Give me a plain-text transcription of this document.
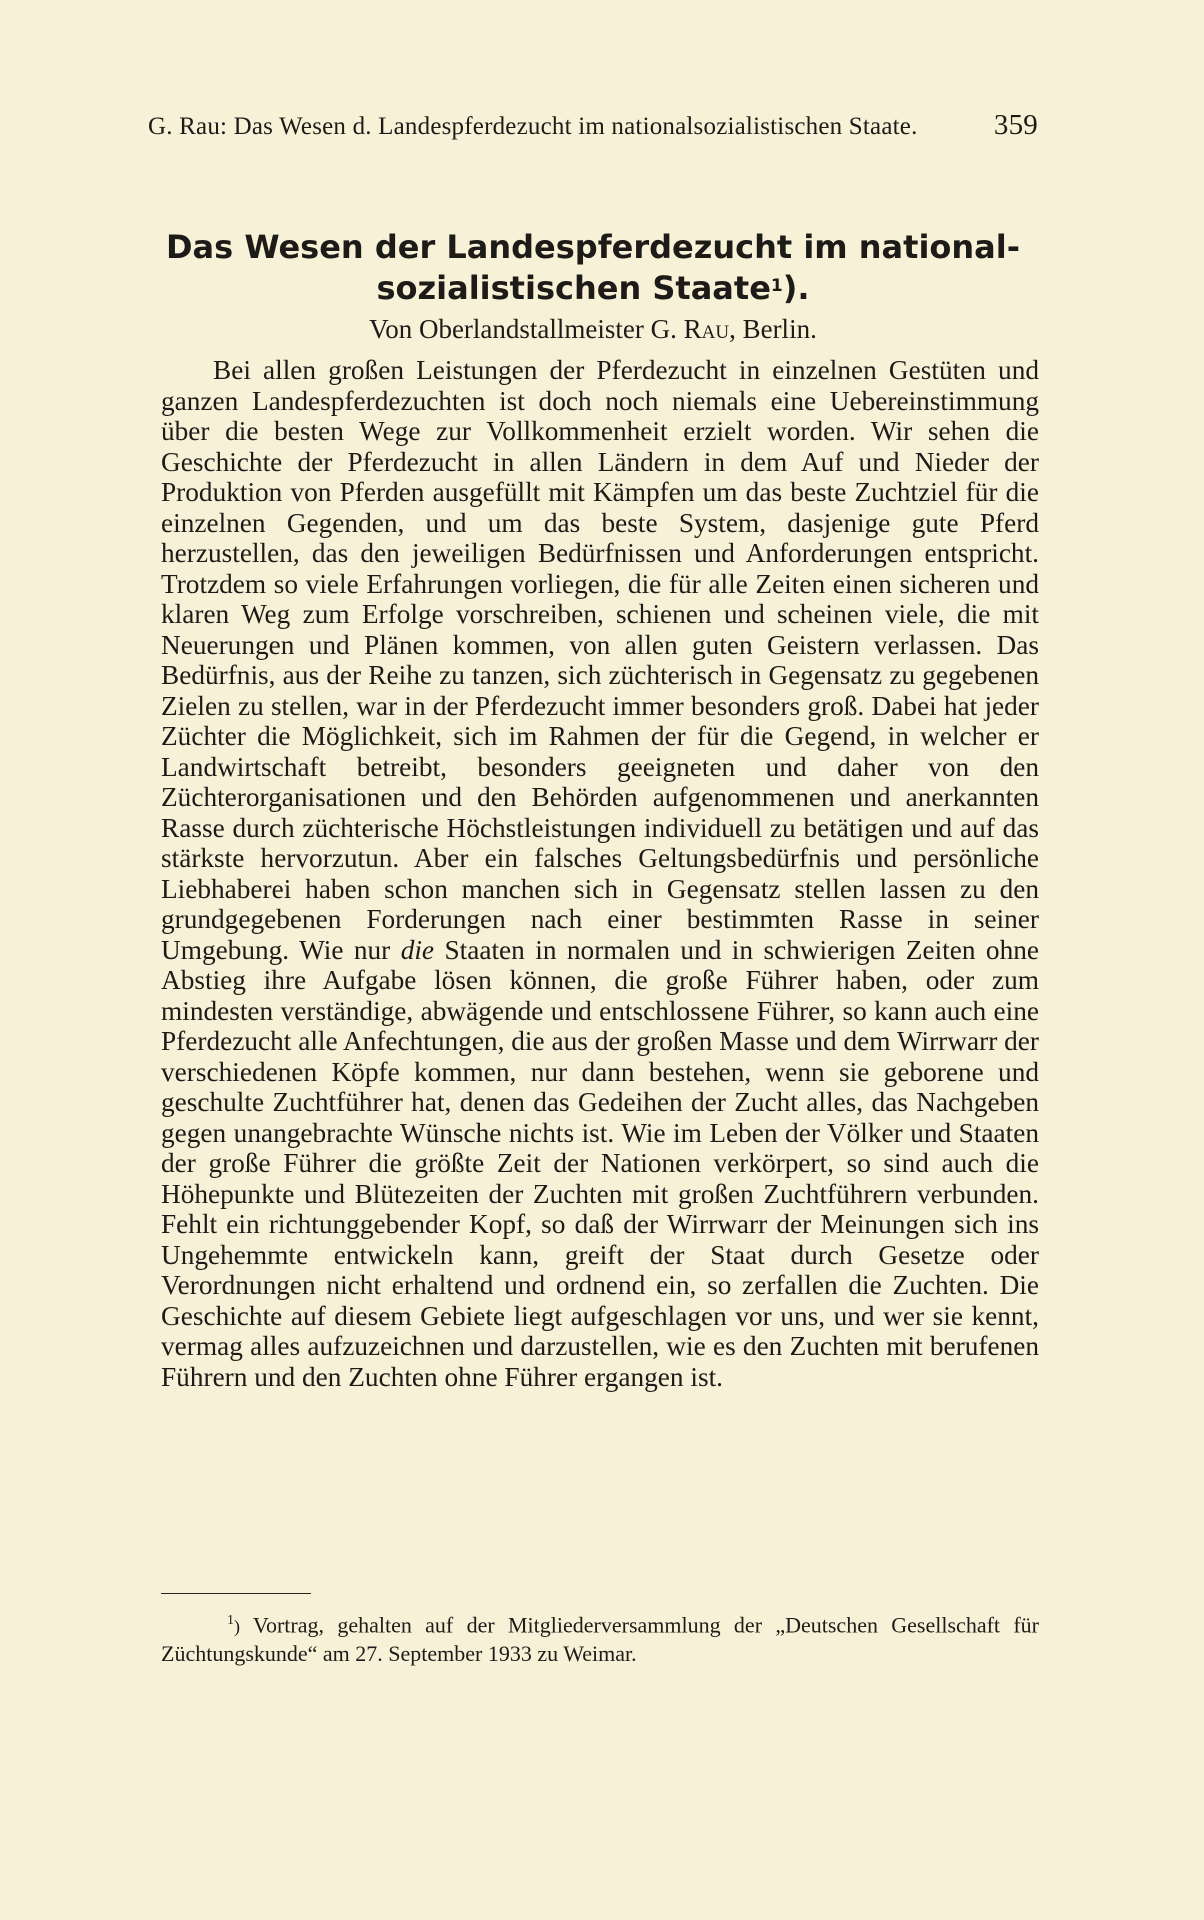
G. Rau: Das Wesen d. Landespferdezucht im nationalsozialistischen Staate.	359
Das Wesen der Landespferdezucht im national-
sozialistischen Staate$^1$).
Von Oberlandstallmeister G. Rau, Berlin.

Bei allen großen Leistungen der Pferdezucht in einzelnen Gestüten und ganzen Landespferdezuchten ist doch noch niemals eine Uebereinstimmung über die besten Wege zur Vollkommenheit erzielt worden. Wir sehen die Geschichte der Pferdezucht in allen Ländern in dem Auf und Nieder der Produktion von Pferden ausgefüllt mit Kämpfen um das beste Zuchtziel für die einzelnen Gegenden, und um das beste System, dasjenige gute Pferd herzustellen, das den jeweiligen Bedürfnissen und Anforderungen entspricht. Trotzdem so viele Erfahrungen vorliegen, die für alle Zeiten einen sicheren und klaren Weg zum Erfolge vorschreiben, schienen und scheinen viele, die mit Neuerungen und Plänen kommen, von allen guten Geistern verlassen. Das Bedürfnis, aus der Reihe zu tanzen, sich züchterisch in Gegensatz zu gegebenen Zielen zu stellen, war in der Pferdezucht immer besonders groß. Dabei hat jeder Züchter die Möglichkeit, sich im Rahmen der für die Gegend, in welcher er Landwirtschaft betreibt, besonders geeigneten und daher von den Züchterorganisationen und den Behörden aufgenommenen und anerkannten Rasse durch züchterische Höchstleistungen individuell zu betätigen und auf das stärkste hervorzutun. Aber ein falsches Geltungsbedürfnis und persönliche Liebhaberei haben schon manchen sich in Gegensatz stellen lassen zu den grundgegebenen Forderungen nach einer bestimmten Rasse in seiner Umgebung. Wie nur die Staaten in normalen und in schwierigen Zeiten ohne Abstieg ihre Aufgabe lösen können, die große Führer haben, oder zum mindesten verständige, abwägende und entschlossene Führer, so kann auch eine Pferdezucht alle Anfechtungen, die aus der großen Masse und dem Wirrwarr der verschiedenen Köpfe kommen, nur dann bestehen, wenn sie geborene und geschulte Zuchtführer hat, denen das Gedeihen der Zucht alles, das Nachgeben gegen unangebrachte Wünsche nichts ist. Wie im Leben der Völker und Staaten der große Führer die größte Zeit der Nationen verkörpert, so sind auch die Höhepunkte und Blütezeiten der Zuchten mit großen Zuchtführern verbunden. Fehlt ein richtunggebender Kopf, so daß der Wirrwarr der Meinungen sich ins Ungehemmte entwickeln kann, greift der Staat durch Gesetze oder Verordnungen nicht erhaltend und ordnend ein, so zerfallen die Zuchten. Die Geschichte auf diesem Gebiete liegt aufgeschlagen vor uns, und wer sie kennt, vermag alles aufzuzeichnen und darzustellen, wie es den Zuchten mit berufenen Führern und den Zuchten ohne Führer ergangen ist.

$^1$) Vortrag, gehalten auf der Mitgliederversammlung der „Deutschen Gesellschaft für Züchtungskunde“ am 27. September 1933 zu Weimar.
